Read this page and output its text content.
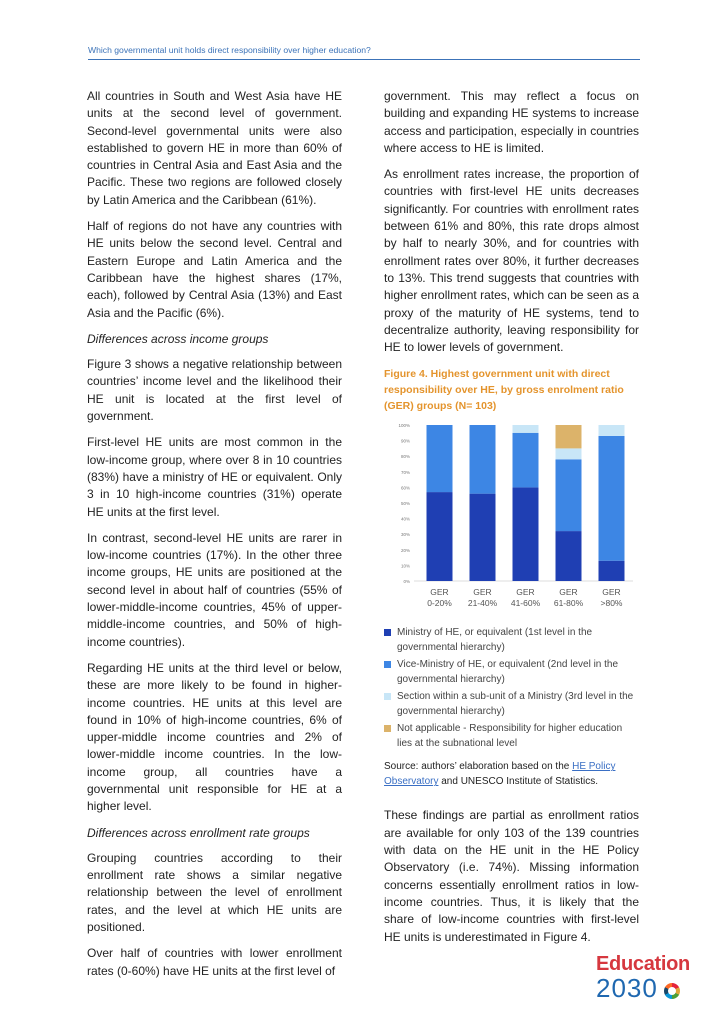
Which governmental unit holds direct responsibility over higher education?

All countries in South and West Asia have HE units at the second level of government. Second-level governmental units were also established to govern HE in more than 60% of countries in Central Asia and East Asia and the Pacific. These two regions are followed closely by Latin America and the Caribbean (61%).

Half of regions do not have any countries with HE units below the second level. Central and Eastern Europe and Latin America and the Caribbean have the highest shares (17%, each), followed by Central Asia (13%) and East Asia and the Pacific (6%).

Differences across income groups

Figure 3 shows a negative relationship between countries’ income level and the likelihood their HE unit is located at the first level of government.

First-level HE units are most common in the low-income group, where over 8 in 10 countries (83%) have a ministry of HE or equivalent. Only 3 in 10 high-income countries (31%) operate HE units at the first level.

In contrast, second-level HE units are rarer in low-income countries (17%). In the other three income groups, HE units are positioned at the second level in about half of countries (55% of lower-middle-income countries, 45% of upper-middle-income countries, and 50% of high-income countries).

Regarding HE units at the third level or below, these are more likely to be found in higher-income countries. HE units at this level are found in 10% of high-income countries, 6% of upper-middle income countries and 2% of lower-middle income countries. In the low-income group, all countries have a governmental unit responsible for HE at a higher level.

Differences across enrollment rate groups

Grouping countries according to their enrollment rate shows a similar negative relationship between the level of enrollment rates, and the level at which HE units are positioned.

Over half of countries with lower enrollment rates (0-60%) have HE units at the first level of

government. This may reflect a focus on building and expanding HE systems to increase access and participation, especially in countries where access to HE is limited.

As enrollment rates increase, the proportion of countries with first-level HE units decreases significantly. For countries with enrollment rates between 61% and 80%, this rate drops almost by half to nearly 30%, and for countries with enrollment rates over 80%, it further decreases to 13%. This trend suggests that countries with higher enrollment rates, which can be seen as a proxy of the maturity of HE systems, tend to decentralize authority, leaving responsibility for HE to lower levels of government.

Figure 4. Highest government unit with direct responsibility over HE, by gross enrolment ratio (GER) groups (N= 103)
0%
10%
20%
30%
40%
50%
60%
70%
80%
90%
100%
GER
0-20%
GER
21-40%
GER
41-60%
GER
61-80%
GER
>80%
Ministry of HE, or equivalent (1st level in the governmental hierarchy)
Vice-Ministry of HE, or equivalent (2nd level in the governmental hierarchy)
Section within a sub-unit of a Ministry (3rd level in the governmental hierarchy)
Not applicable - Responsibility for higher education lies at the subnational level
Source: authors’ elaboration based on the HE Policy Observatory and UNESCO Institute of Statistics.

These findings are partial as enrollment ratios are available for only 103 of the 139 countries with data on the HE unit in the HE Policy Observatory (i.e. 74%). Missing information concerns essentially enrollment ratios in low-income countries. Thus, it is likely that the share of low-income countries with first-level HE units is underestimated in Figure 4.

Education
2030
